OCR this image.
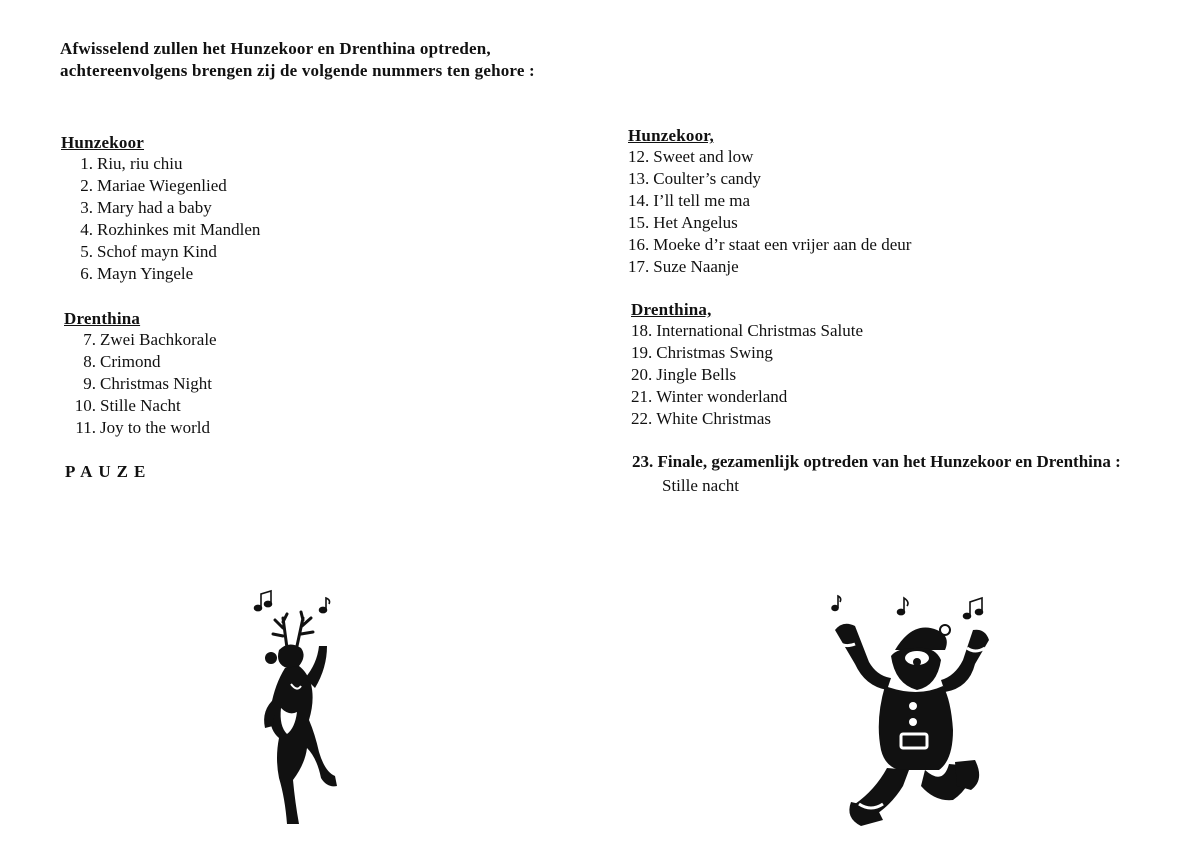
Afwisselend zullen het Hunzekoor en Drenthina optreden,
achtereenvolgens brengen zij de volgende nummers ten gehore :
Hunzekoor
1. Riu, riu chiu
2. Mariae Wiegenlied
3. Mary had a baby
4. Rozhinkes mit Mandlen
5. Schof mayn Kind
6. Mayn Yingele
Drenthina
7. Zwei Bachkorale
8. Crimond
9. Christmas Night
10. Stille Nacht
11. Joy to the world
PAUZE
Hunzekoor,
12. Sweet and low
13. Coulter’s candy
14. I’ll tell me ma
15. Het Angelus
16. Moeke d’r staat een vrijer aan de deur
17. Suze Naanje
Drenthina,
18. International Christmas Salute
19. Christmas Swing
20. Jingle Bells
21. Winter wonderland
22. White Christmas
23. Finale, gezamenlijk optreden van het Hunzekoor en Drenthina :
Stille nacht
